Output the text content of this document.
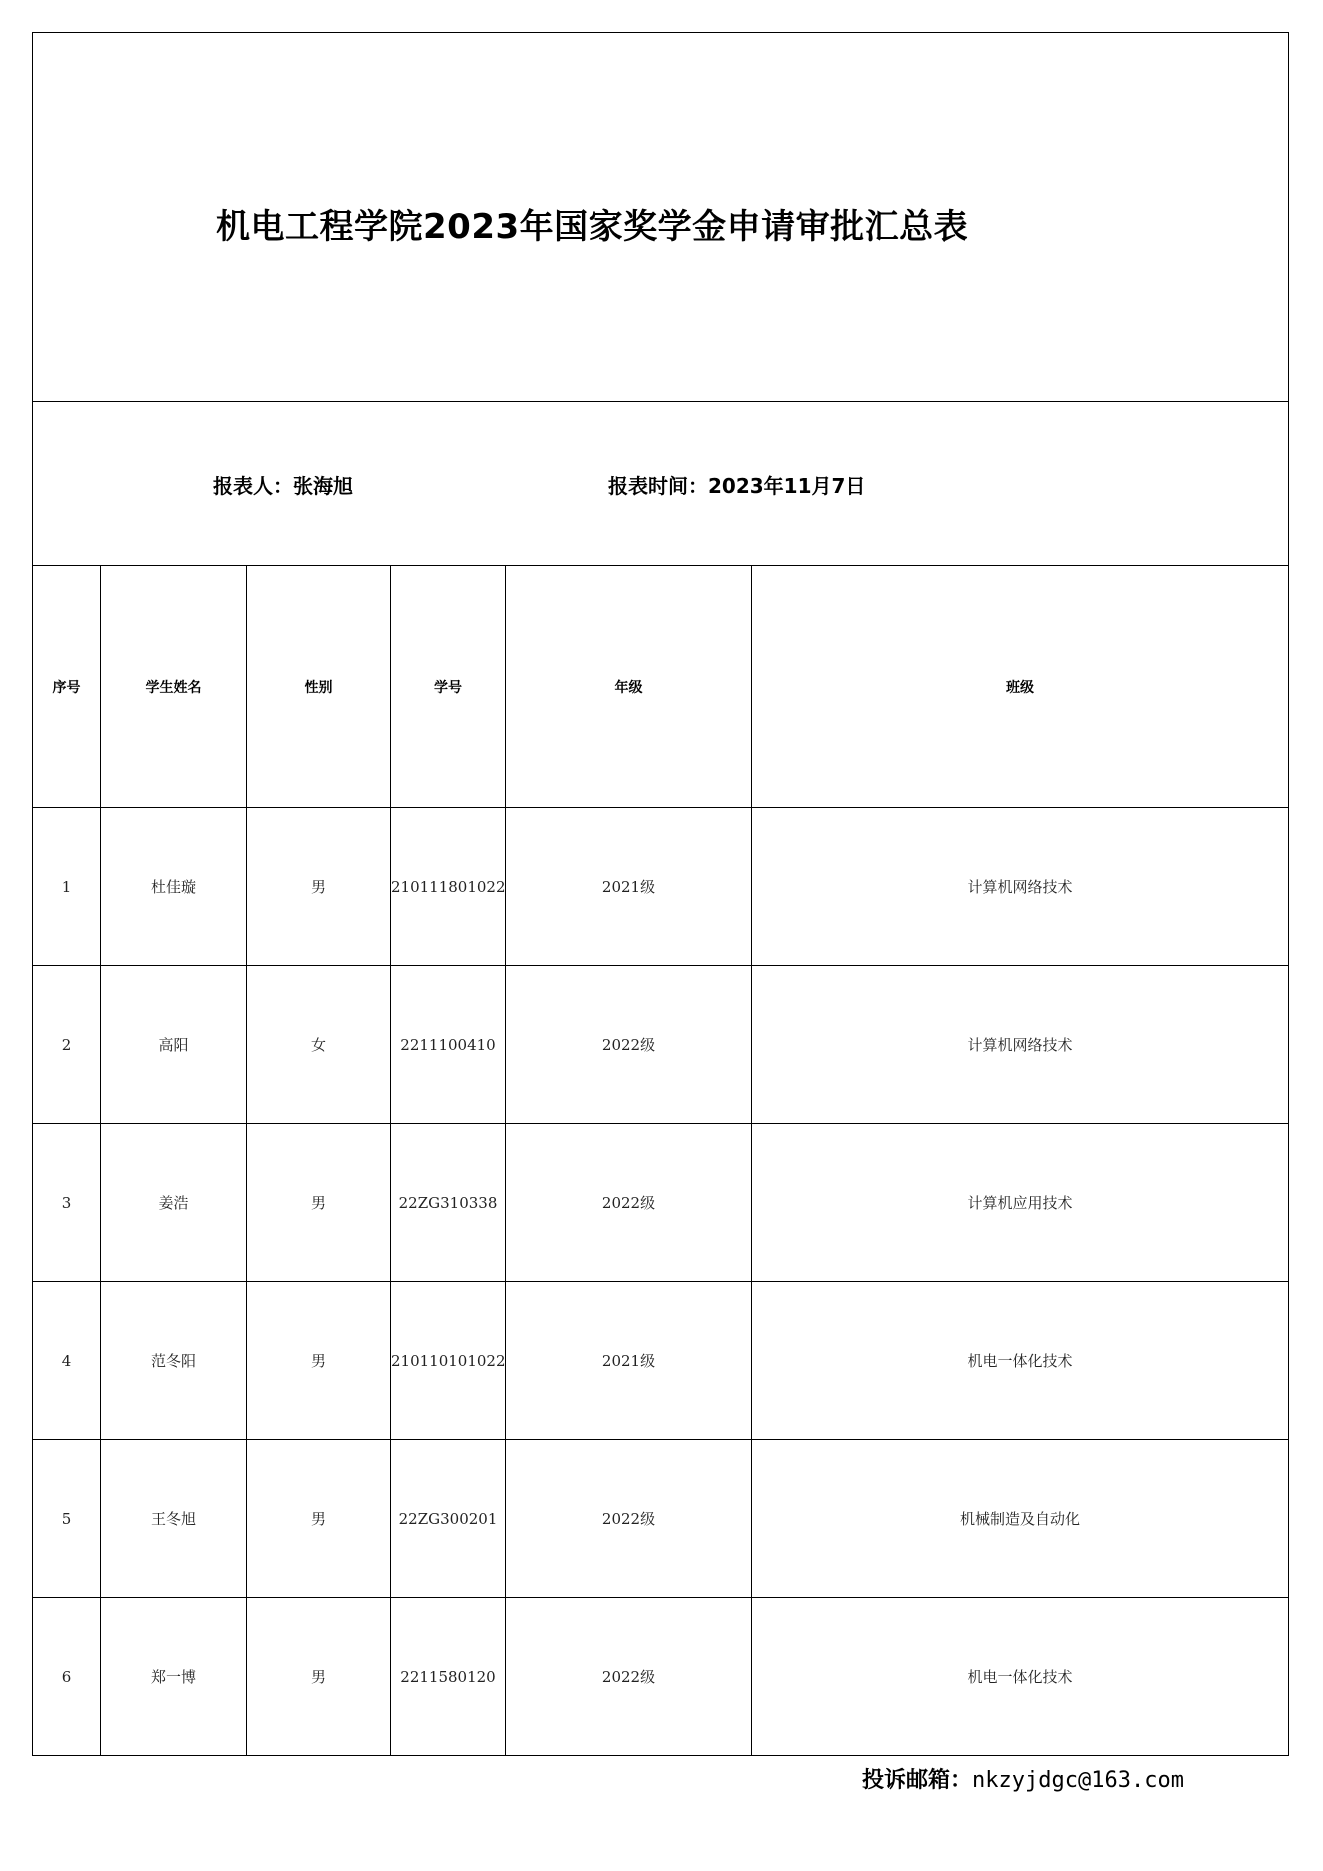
机电工程学院2023年国家奖学金申请审批汇总表					

报表人：张海旭 报表时间：2023年11月7日					

序号	学生姓名	性别	学号	年级	班级
1	杜佳璇	男	210111801022	2021级	计算机网络技术
2	高阳	女	2211100410	2022级	计算机网络技术
3	姜浩	男	22ZG310338	2022级	计算机应用技术
4	范冬阳	男	210110101022	2021级	机电一体化技术
5	王冬旭	男	22ZG300201	2022级	机械制造及自动化
6	郑一博	男	2211580120	2022级	机电一体化技术
投诉邮箱：nkzyjdgc@163.com
